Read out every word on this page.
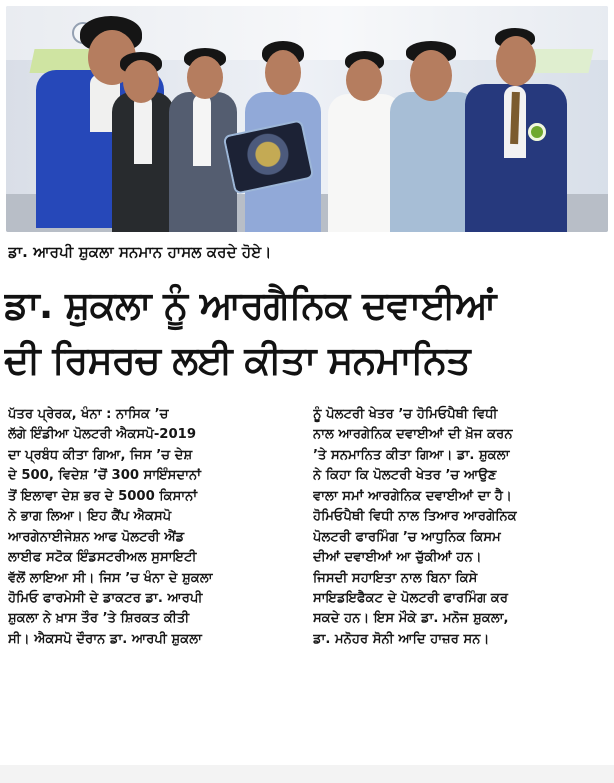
ਡਾ. ਆਰਪੀ ਸ਼ੁਕਲਾ ਸਨਮਾਨ ਹਾਸਲ ਕਰਦੇ ਹੋਏ।
ਡਾ. ਸ਼ੁਕਲਾ ਨੂੰ ਆਰਗੈਨਿਕ ਦਵਾਈਆਂ
ਦੀ ਰਿਸਰਚ ਲਈ ਕੀਤਾ ਸਨਮਾਨਿਤ
ਪੱਤਰ ਪ੍ਰੇਰਕ, ਖੰਨਾ : ਨਾਸਿਕ ’ਚ
ਲੱਗੇ ਇੰਡੀਆ ਪੋਲਟਰੀ ਐਕਸਪੋ-2019
ਦਾ ਪ੍ਰਬੰਧ ਕੀਤਾ ਗਿਆ, ਜਿਸ ’ਚ ਦੇਸ਼
ਦੇ 500, ਵਿਦੇਸ਼ ’ਚੋਂ 300 ਸਾਇੰਸਦਾਨਾਂ
ਤੋਂ ਇਲਾਵਾ ਦੇਸ਼ ਭਰ ਦੇ 5000 ਕਿਸਾਨਾਂ
ਨੇ ਭਾਗ ਲਿਆ। ਇਹ ਕੈਂਪ ਐਕਸਪੋ
ਆਰਗੇਨਾਈਜੇਸ਼ਨ ਆਫ ਪੋਲਟਰੀ ਐਂਡ
ਲਾਈਫ ਸਟੋਕ ਇੰਡਸਟਰੀਅਲ ਸੁਸਾਇਟੀ
ਵੱਲੋਂ ਲਾਇਆ ਸੀ। ਜਿਸ ’ਚ ਖੰਨਾ ਦੇ ਸ਼ੁਕਲਾ
ਹੋਮਿਓ ਫਾਰਮੇਸੀ ਦੇ ਡਾਕਟਰ ਡਾ. ਆਰਪੀ
ਸ਼ੁਕਲਾ ਨੇ ਖ਼ਾਸ ਤੌਰ ’ਤੇ ਸ਼ਿਰਕਤ ਕੀਤੀ
ਸੀ। ਐਕਸਪੋ ਦੌਰਾਨ ਡਾ. ਆਰਪੀ ਸ਼ੁਕਲਾ
ਨੂੰ ਪੋਲਟਰੀ ਖੇਤਰ ’ਚ ਹੋਮਿਓਪੈਥੀ ਵਿਧੀ
ਨਾਲ ਆਰਗੇਨਿਕ ਦਵਾਈਆਂ ਦੀ ਖ਼ੋਜ ਕਰਨ
’ਤੇ ਸਨਮਾਨਿਤ ਕੀਤਾ ਗਿਆ। ਡਾ. ਸ਼ੁਕਲਾ
ਨੇ ਕਿਹਾ ਕਿ ਪੋਲਟਰੀ ਖੇਤਰ ’ਚ ਆਉਣ
ਵਾਲਾ ਸਮਾਂ ਆਰਗੇਨਿਕ ਦਵਾਈਆਂ ਦਾ ਹੈ।
ਹੋਮਿਓਪੈਥੀ ਵਿਧੀ ਨਾਲ ਤਿਆਰ ਆਰਗੇਨਿਕ
ਪੋਲਟਰੀ ਫਾਰਮਿੰਗ ’ਚ ਆਧੁਨਿਕ ਕਿਸਮ
ਦੀਆਂ ਦਵਾਈਆਂ ਆ ਚੁੱਕੀਆਂ ਹਨ।
ਜਿਸਦੀ ਸਹਾਇਤਾ ਨਾਲ ਬਿਨਾ ਕਿਸੇ
ਸਾਇਡਇਫੈਕਟ ਦੇ ਪੋਲਟਰੀ ਫਾਰਮਿੰਗ ਕਰ
ਸਕਦੇ ਹਨ। ਇਸ ਮੌਕੇ ਡਾ. ਮਨੋਜ ਸ਼ੁਕਲਾ,
ਡਾ. ਮਨੋਹਰ ਸੋਨੀ ਆਦਿ ਹਾਜ਼ਰ ਸਨ।
